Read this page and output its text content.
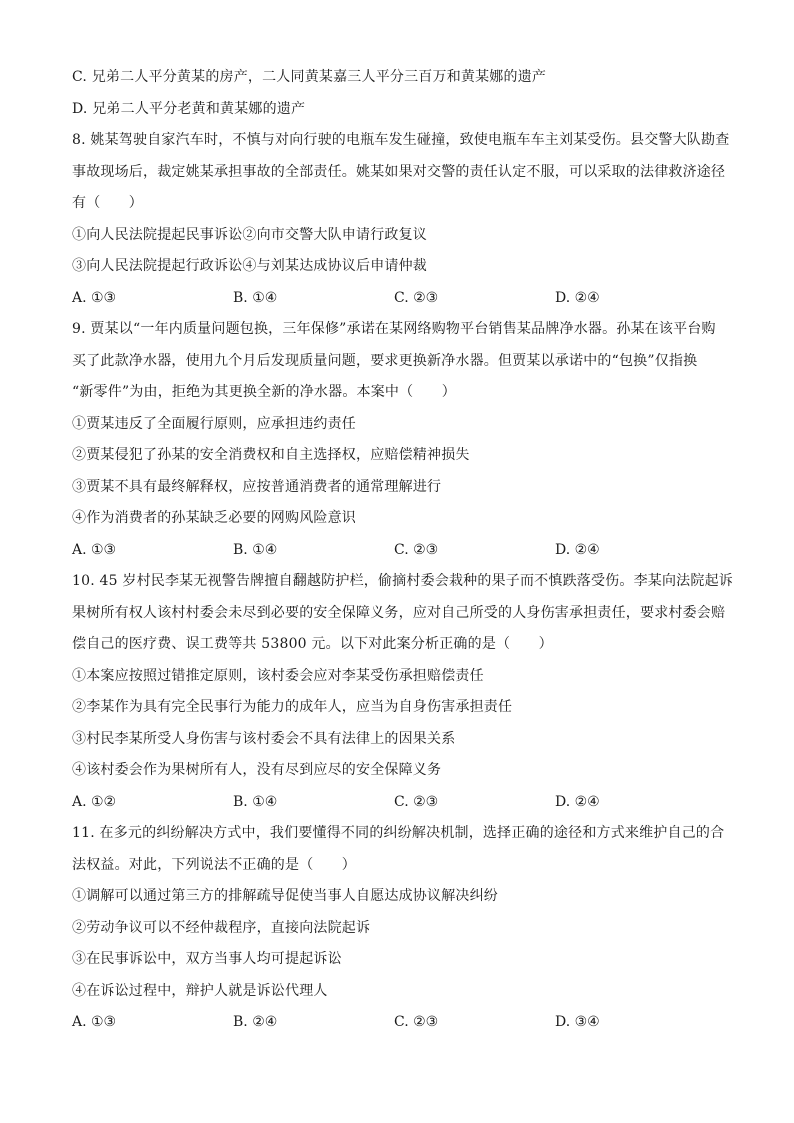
C. 兄弟二人平分黄某的房产，二人同黄某嘉三人平分三百万和黄某娜的遗产
D. 兄弟二人平分老黄和黄某娜的遗产
8. 姚某驾驶自家汽车时，不慎与对向行驶的电瓶车发生碰撞，致使电瓶车车主刘某受伤。县交警大队勘查
事故现场后，裁定姚某承担事故的全部责任。姚某如果对交警的责任认定不服，可以采取的法律救济途径
有（　　）
①向人民法院提起民事诉讼②向市交警大队申请行政复议
③向人民法院提起行政诉讼④与刘某达成协议后申请仲裁
A. ①③	B. ①④	C. ②③	D. ②④
9. 贾某以“一年内质量问题包换，三年保修”承诺在某网络购物平台销售某品牌净水器。孙某在该平台购
买了此款净水器，使用九个月后发现质量问题，要求更换新净水器。但贾某以承诺中的“包换”仅指换
“新零件”为由，拒绝为其更换全新的净水器。本案中（　　）
①贾某违反了全面履行原则，应承担违约责任
②贾某侵犯了孙某的安全消费权和自主选择权，应赔偿精神损失
③贾某不具有最终解释权，应按普通消费者的通常理解进行
④作为消费者的孙某缺乏必要的网购风险意识
A. ①③	B. ①④	C. ②③	D. ②④
10. 45 岁村民李某无视警告牌擅自翻越防护栏，偷摘村委会栽种的果子而不慎跌落受伤。李某向法院起诉
果树所有权人该村村委会未尽到必要的安全保障义务，应对自己所受的人身伤害承担责任，要求村委会赔
偿自己的医疗费、误工费等共 53800 元。以下对此案分析正确的是（　　）
①本案应按照过错推定原则，该村委会应对李某受伤承担赔偿责任
②李某作为具有完全民事行为能力的成年人，应当为自身伤害承担责任
③村民李某所受人身伤害与该村委会不具有法律上的因果关系
④该村委会作为果树所有人，没有尽到应尽的安全保障义务
A. ①②	B. ①④	C. ②③	D. ②④
11. 在多元的纠纷解决方式中，我们要懂得不同的纠纷解决机制，选择正确的途径和方式来维护自己的合
法权益。对此，下列说法不正确的是（　　）
①调解可以通过第三方的排解疏导促使当事人自愿达成协议解决纠纷
②劳动争议可以不经仲裁程序，直接向法院起诉
③在民事诉讼中，双方当事人均可提起诉讼
④在诉讼过程中，辩护人就是诉讼代理人
A. ①③	B. ②④	C. ②③	D. ③④
